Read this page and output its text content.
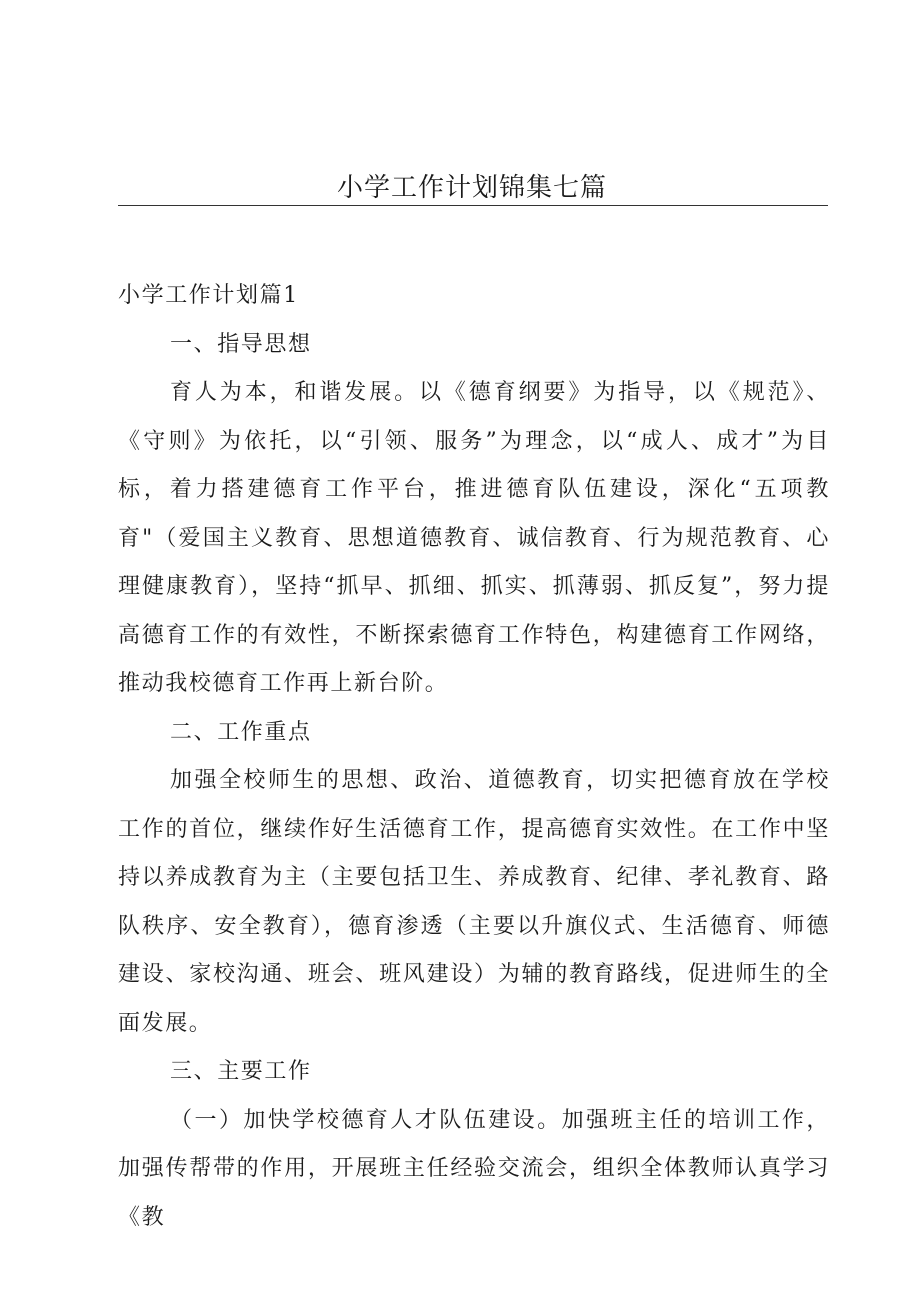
小学工作计划锦集七篇

小学工作计划篇1

一、指导思想

育人为本，和谐发展。以《德育纲要》为指导，以《规范》、《守则》为依托，以“引领、服务”为理念，以“成人、成才”为目标，着力搭建德育工作平台，推进德育队伍建设，深化“五项教育"（爱国主义教育、思想道德教育、诚信教育、行为规范教育、心理健康教育），坚持“抓早、抓细、抓实、抓薄弱、抓反复”，努力提高德育工作的有效性，不断探索德育工作特色，构建德育工作网络，推动我校德育工作再上新台阶。

二、工作重点

加强全校师生的思想、政治、道德教育，切实把德育放在学校工作的首位，继续作好生活德育工作，提高德育实效性。在工作中坚持以养成教育为主（主要包括卫生、养成教育、纪律、孝礼教育、路队秩序、安全教育），德育渗透（主要以升旗仪式、生活德育、师德建设、家校沟通、班会、班风建设）为辅的教育路线，促进师生的全面发展。

三、主要工作

（一）加快学校德育人才队伍建设。加强班主任的培训工作，加强传帮带的作用，开展班主任经验交流会，组织全体教师认真学习《教
